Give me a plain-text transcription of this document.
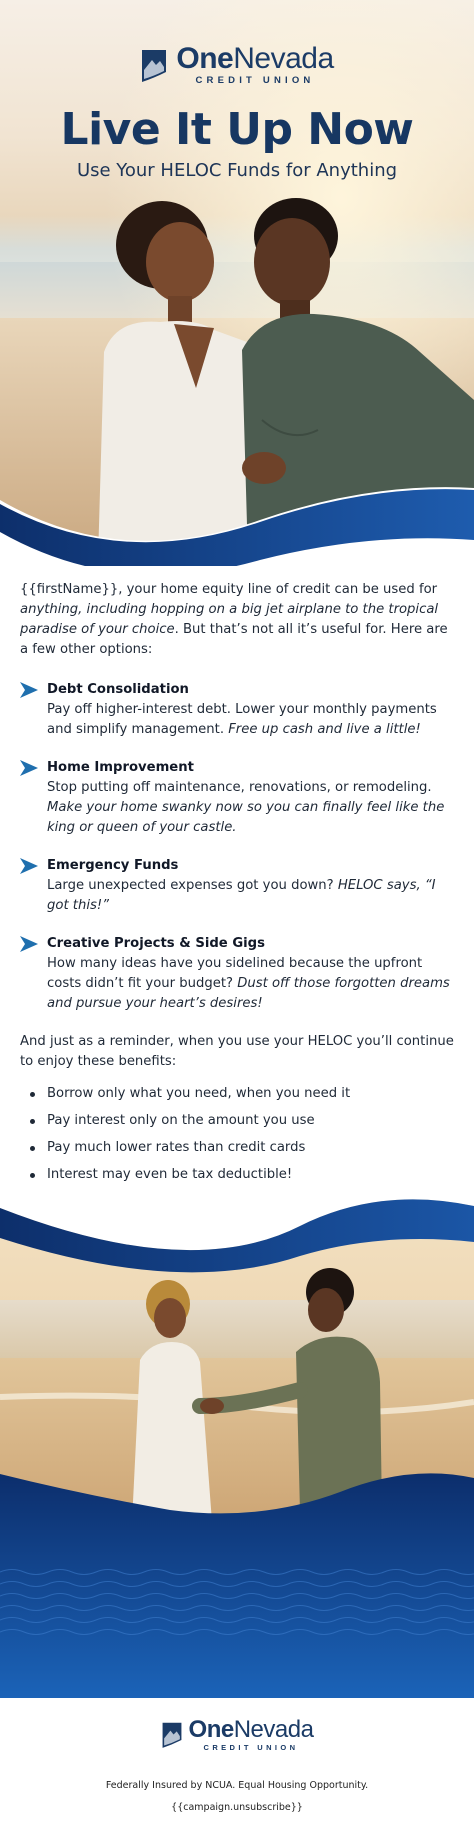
OneNevada
CREDIT UNION
Live It Up Now
Use Your HELOC Funds for Anything

{{firstName}}, your home equity line of credit can be used for anything, including hopping on a big jet airplane to the tropical paradise of your choice. But that’s not all it’s useful for. Here are a few other options:

Debt Consolidation
Pay off higher-interest debt. Lower your monthly payments and simplify management. Free up cash and live a little!
Home Improvement
Stop putting off maintenance, renovations, or remodeling. Make your home swanky now so you can finally feel like the king or queen of your castle.
Emergency Funds
Large unexpected expenses got you down? HELOC says, “I got this!”
Creative Projects & Side Gigs
How many ideas have you sidelined because the upfront costs didn’t fit your budget? Dust off those forgotten dreams and pursue your heart’s desires!

And just as a reminder, when you use your HELOC you’ll continue to enjoy these benefits:

Borrow only what you need, when you need it
Pay interest only on the amount you use
Pay much lower rates than credit cards
Interest may even be tax deductible!

OneNevada
CREDIT UNION
Federally Insured by NCUA. Equal Housing Opportunity.
{{campaign.unsubscribe}}
